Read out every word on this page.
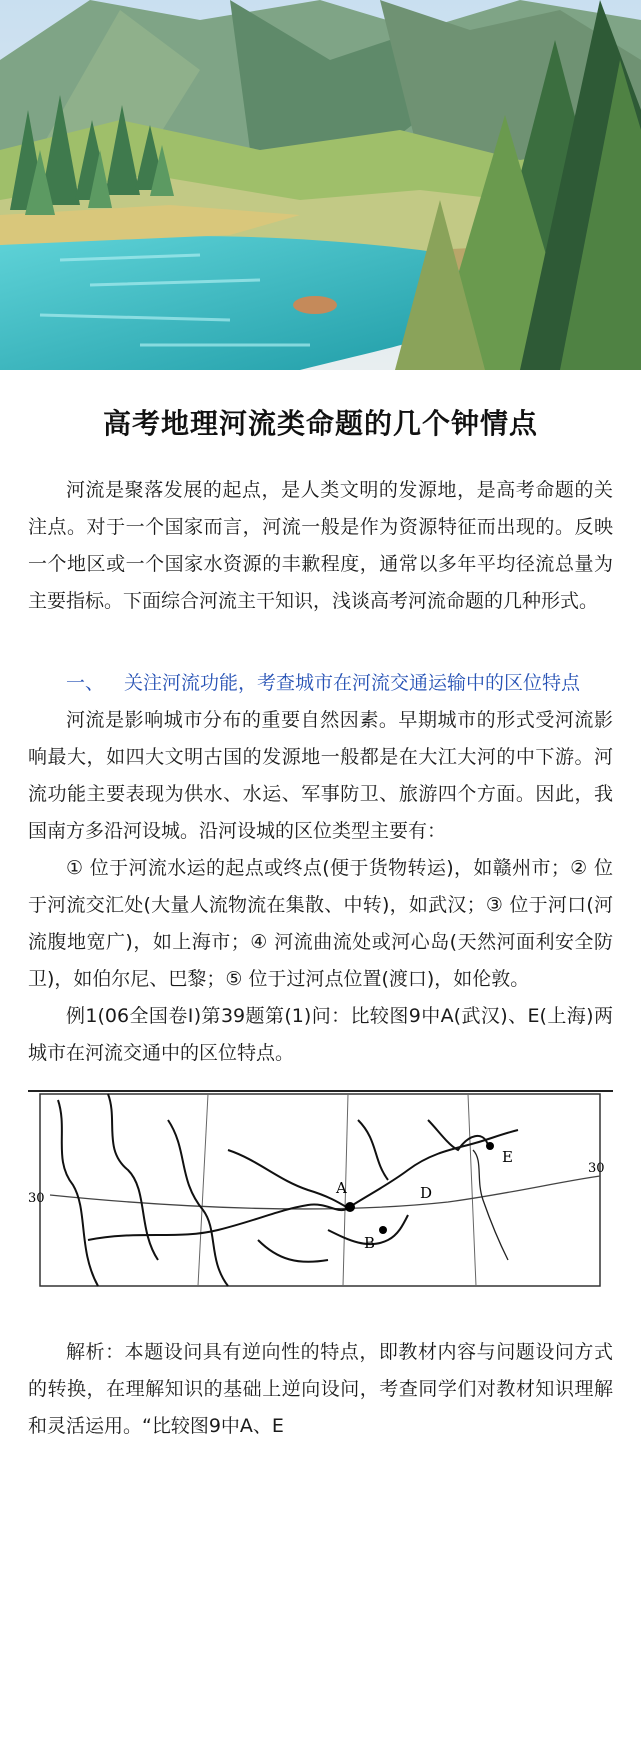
高考地理河流类命题的几个钟情点

河流是聚落发展的起点，是人类文明的发源地，是高考命题的关注点。对于一个国家而言，河流一般是作为资源特征而出现的。反映一个地区或一个国家水资源的丰歉程度，通常以多年平均径流总量为主要指标。下面综合河流主干知识，浅谈高考河流命题的几种形式。

一、 关注河流功能，考查城市在河流交通运输中的区位特点

河流是影响城市分布的重要自然因素。早期城市的形式受河流影响最大，如四大文明古国的发源地一般都是在大江大河的中下游。河流功能主要表现为供水、水运、军事防卫、旅游四个方面。因此，我国南方多沿河设城。沿河设城的区位类型主要有：

① 位于河流水运的起点或终点(便于货物转运)，如赣州市；② 位于河流交汇处(大量人流物流在集散、中转)，如武汉；③ 位于河口(河流腹地宽广)，如上海市；④ 河流曲流处或河心岛(天然河面利安全防卫)，如伯尔尼、巴黎；⑤ 位于过河点位置(渡口)，如伦敦。

例1(06全国卷Ⅰ)第39题第(1)问：比较图9中A(武汉)、E(上海)两城市在河流交通中的区位特点。

A
B
D
E
30
30

解析：本题设问具有逆向性的特点，即教材内容与问题设问方式的转换，在理解知识的基础上逆向设问，考查同学们对教材知识理解和灵活运用。“比较图9中A、E
